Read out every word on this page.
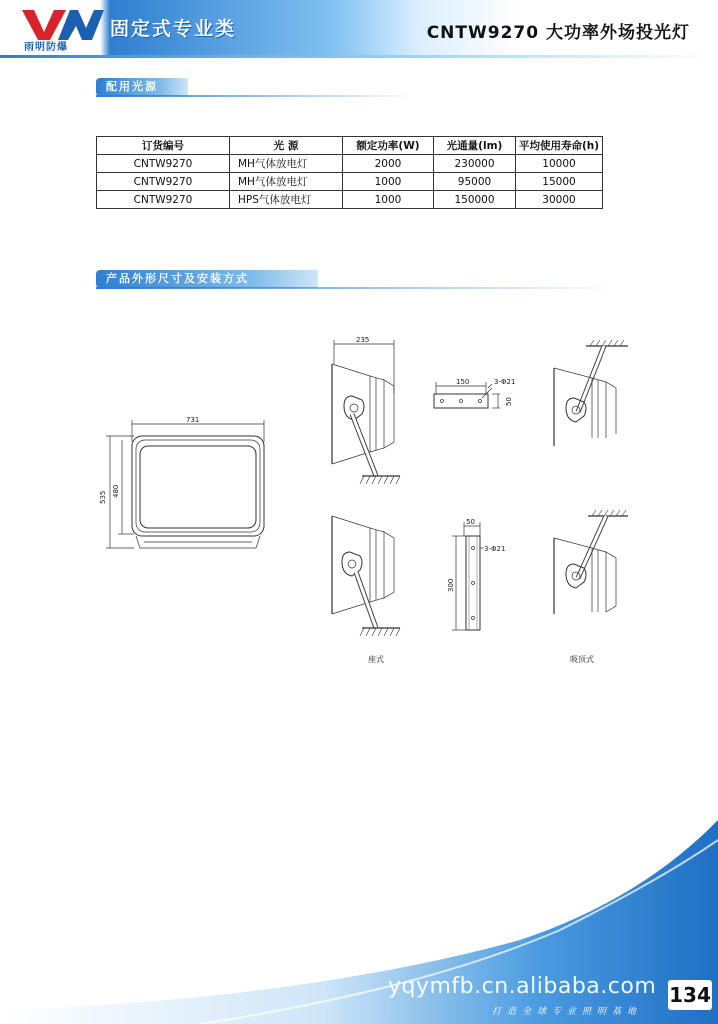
雨明防爆
固定式专业类	CNTW9270 大功率外场投光灯
配用光源
订货编号	光 源	额定功率(W)	光通量(lm)	平均使用寿命(h)
CNTW9270	MH气体放电灯	2000	230000	10000
CNTW9270	MH气体放电灯	1000	95000	15000
CNTW9270	HPS气体放电灯	1000	150000	30000
产品外形尺寸及安装方式
731
535 480
235
150	3-Φ21
50
50
3-Φ21
300
座式	吸顶式
yqymfb.cn.alibaba.com
打造全球专业照明基地
134
